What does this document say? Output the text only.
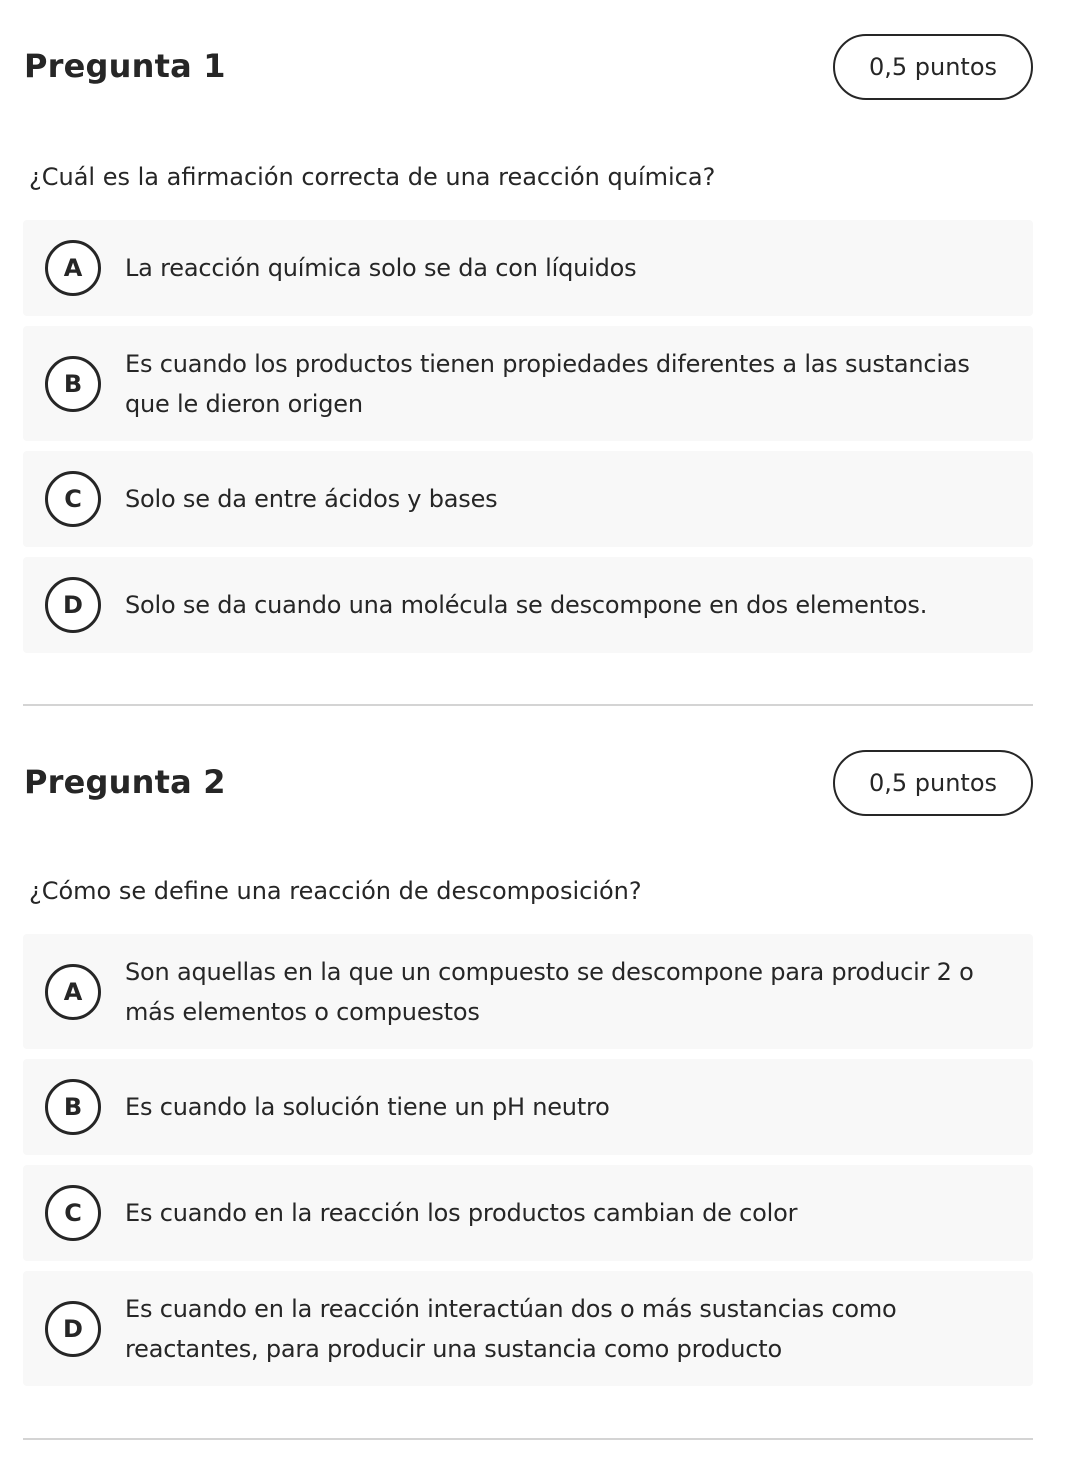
Pregunta 1	0,5 puntos
¿Cuál es la afirmación correcta de una reacción química?
A	La reacción química solo se da con líquidos
B
Es cuando los productos tienen propiedades diferentes a las sustancias que le dieron origen
C	Solo se da entre ácidos y bases
D	Solo se da cuando una molécula se descompone en dos elementos.
Pregunta 2	0,5 puntos
¿Cómo se define una reacción de descomposición?
A
Son aquellas en la que un compuesto se descompone para producir 2 o más elementos o compuestos
B	Es cuando la solución tiene un pH neutro
C	Es cuando en la reacción los productos cambian de color
D
Es cuando en la reacción interactúan dos o más sustancias como reactantes, para producir una sustancia como producto
